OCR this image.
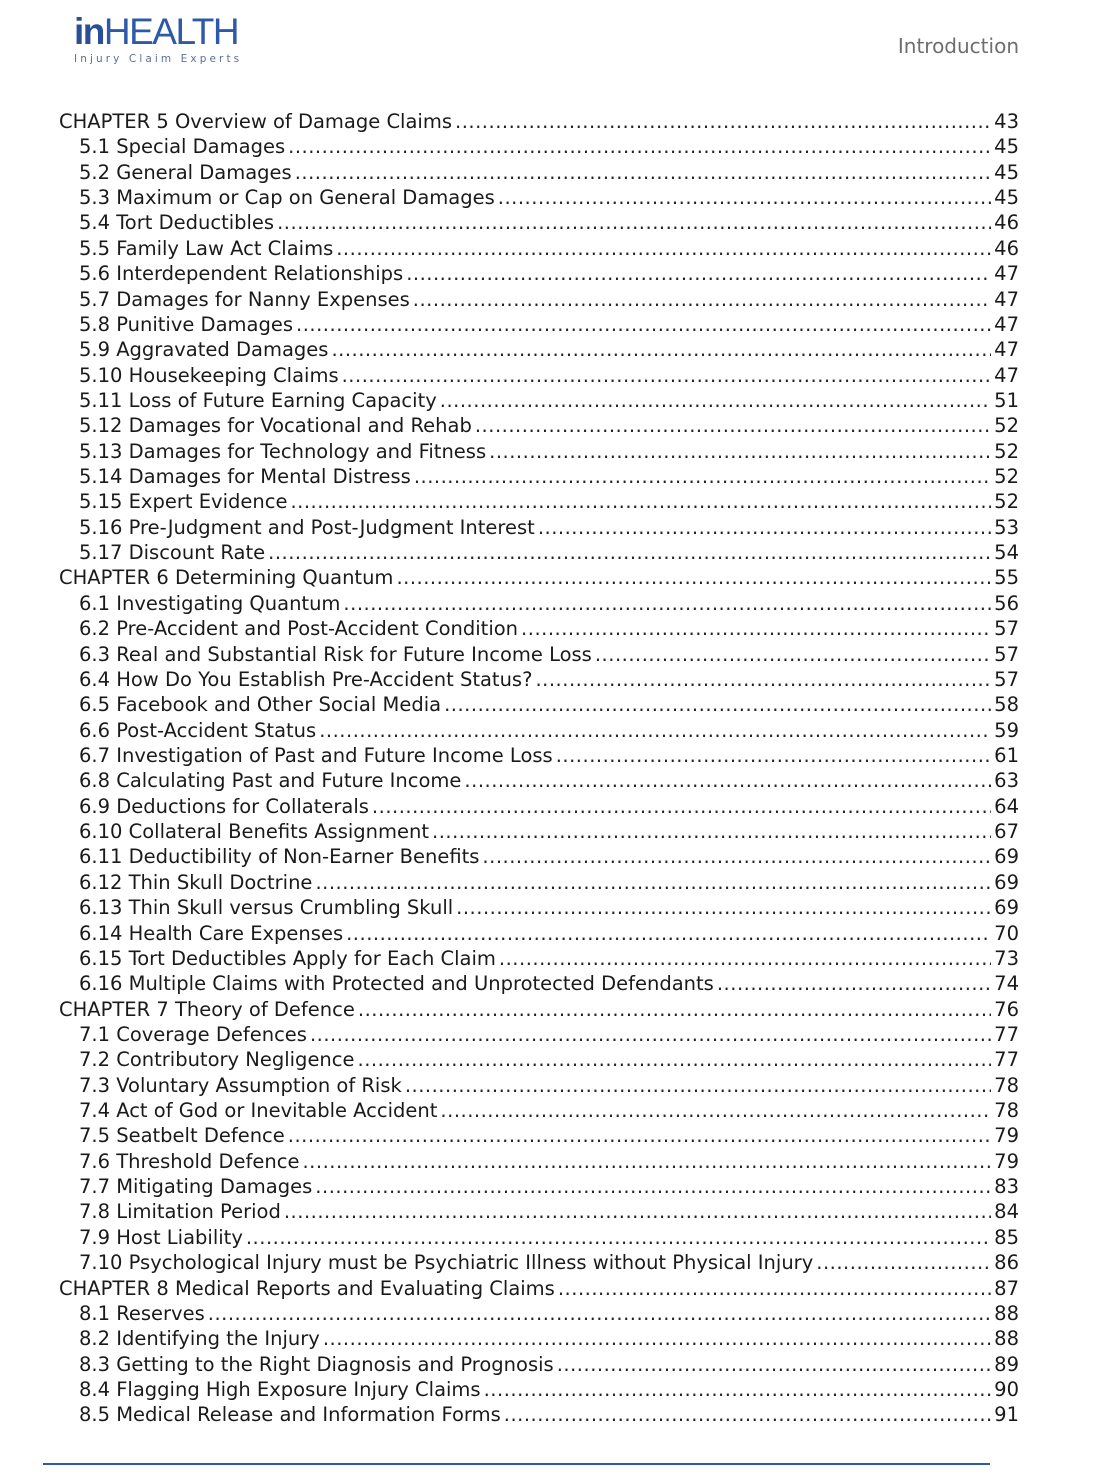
inHEALTH
Injury Claim Experts
Introduction
CHAPTER 5 Overview of Damage Claims .....	43
5.1 Special Damages .....	45
5.2 General Damages .....	45
5.3 Maximum or Cap on General Damages .....	45
5.4 Tort Deductibles .....	46
5.5 Family Law Act Claims .....	46
5.6 Interdependent Relationships .....	47
5.7 Damages for Nanny Expenses .....	47
5.8 Punitive Damages .....	47
5.9 Aggravated Damages .....	47
5.10 Housekeeping Claims .....	47
5.11 Loss of Future Earning Capacity .....	51
5.12 Damages for Vocational and Rehab .....	52
5.13 Damages for Technology and Fitness .....	52
5.14 Damages for Mental Distress .....	52
5.15 Expert Evidence .....	52
5.16 Pre-Judgment and Post-Judgment Interest .....	53
5.17 Discount Rate .....	54
CHAPTER 6 Determining Quantum .....	55
6.1 Investigating Quantum .....	56
6.2 Pre-Accident and Post-Accident Condition .....	57
6.3 Real and Substantial Risk for Future Income Loss .....	57
6.4 How Do You Establish Pre-Accident Status? .....	57
6.5 Facebook and Other Social Media .....	58
6.6 Post-Accident Status .....	59
6.7 Investigation of Past and Future Income Loss .....	61
6.8 Calculating Past and Future Income .....	63
6.9 Deductions for Collaterals .....	64
6.10 Collateral Benefits Assignment .....	67
6.11 Deductibility of Non-Earner Benefits .....	69
6.12 Thin Skull Doctrine .....	69
6.13 Thin Skull versus Crumbling Skull .....	69
6.14 Health Care Expenses .....	70
6.15 Tort Deductibles Apply for Each Claim .....	73
6.16 Multiple Claims with Protected and Unprotected Defendants .....	74
CHAPTER 7 Theory of Defence .....	76
7.1 Coverage Defences .....	77
7.2 Contributory Negligence .....	77
7.3 Voluntary Assumption of Risk .....	78
7.4 Act of God or Inevitable Accident .....	78
7.5 Seatbelt Defence .....	79
7.6 Threshold Defence .....	79
7.7 Mitigating Damages .....	83
7.8 Limitation Period .....	84
7.9 Host Liability .....	85
7.10 Psychological Injury must be Psychiatric Illness without Physical Injury .....	86
CHAPTER 8 Medical Reports and Evaluating Claims .....	87
8.1 Reserves .....	88
8.2 Identifying the Injury .....	88
8.3 Getting to the Right Diagnosis and Prognosis .....	89
8.4 Flagging High Exposure Injury Claims .....	90
8.5 Medical Release and Information Forms .....	91
